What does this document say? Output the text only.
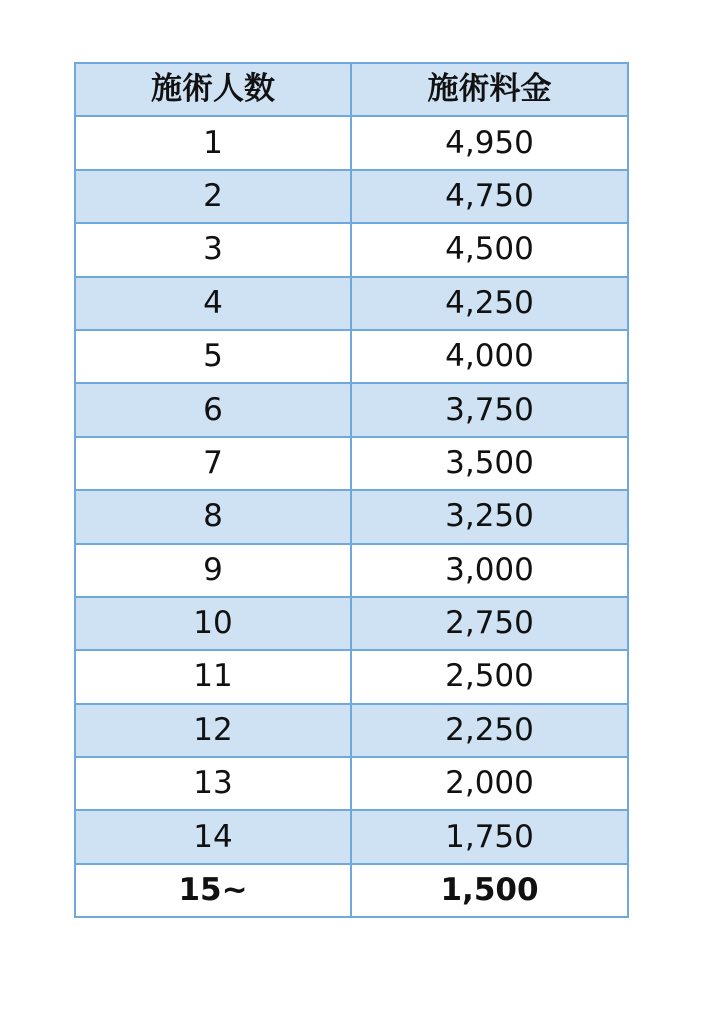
施術人数	施術料金
1	4,950
2	4,750
3	4,500
4	4,250
5	4,000
6	3,750
7	3,500
8	3,250
9	3,000
10	2,750
11	2,500
12	2,250
13	2,000
14	1,750
15~	1,500
